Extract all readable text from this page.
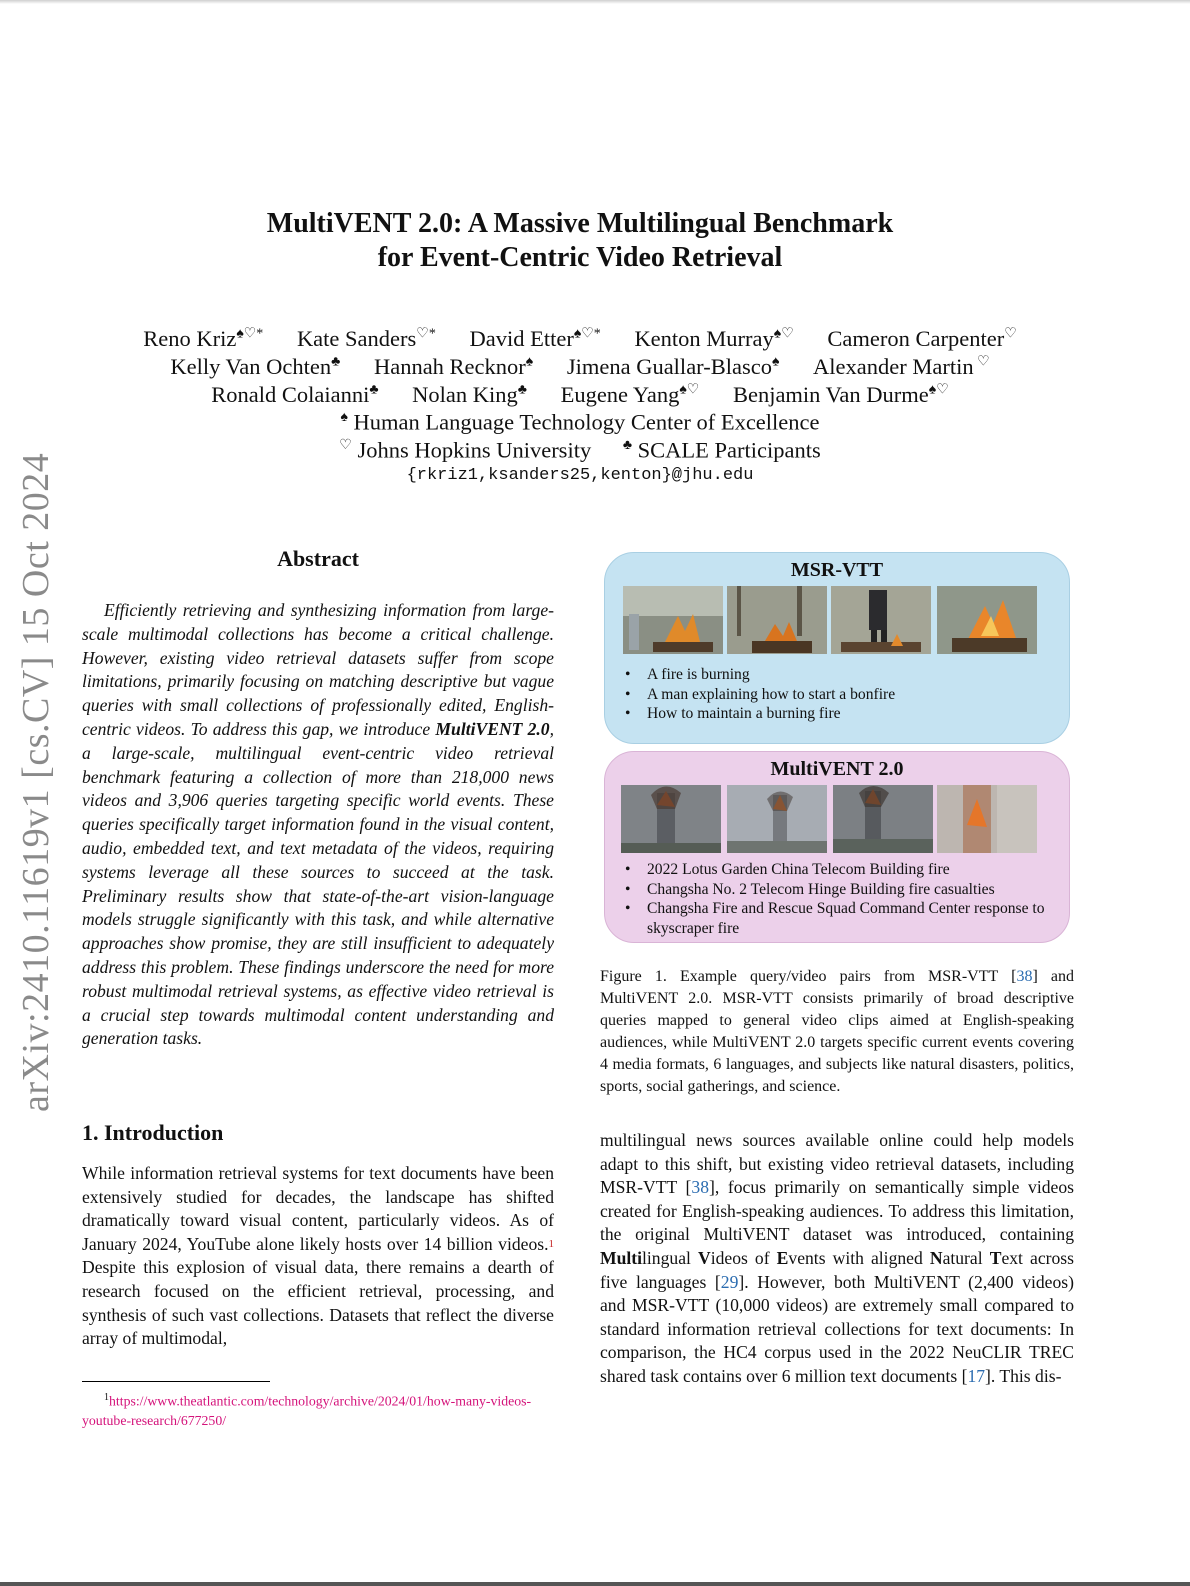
arXiv:2410.11619v1 [cs.CV] 15 Oct 2024
MultiVENT 2.0: A Massive Multilingual Benchmark
for Event-Centric Video Retrieval
Reno Kriz♠♡* Kate Sanders♡* David Etter♠♡* Kenton Murray♠♡ Cameron Carpenter♡
Kelly Van Ochten♣ Hannah Recknor♠ Jimena Guallar-Blasco♠ Alexander Martin ♡
Ronald Colaianni♣ Nolan King♣ Eugene Yang♠♡ Benjamin Van Durme♠♡
♠ Human Language Technology Center of Excellence
♡ Johns Hopkins University ♣ SCALE Participants
{rkriz1,ksanders25,kenton}@jhu.edu
Abstract
Efficiently retrieving and synthesizing information from large-scale multimodal collections has become a critical challenge. However, existing video retrieval datasets suffer from scope limitations, primarily focusing on matching descriptive but vague queries with small collections of professionally edited, English-centric videos. To address this gap, we introduce MultiVENT 2.0, a large-scale, multilingual event-centric video retrieval benchmark featuring a collection of more than 218,000 news videos and 3,906 queries targeting specific world events. These queries specifically target information found in the visual content, audio, embedded text, and text metadata of the videos, requiring systems leverage all these sources to succeed at the task. Preliminary results show that state-of-the-art vision-language models struggle significantly with this task, and while alternative approaches show promise, they are still insufficient to adequately address this problem. These findings underscore the need for more robust multimodal retrieval systems, as effective video retrieval is a crucial step towards multimodal content understanding and generation tasks.
1. Introduction
While information retrieval systems for text documents have been extensively studied for decades, the landscape has shifted dramatically toward visual content, particularly videos. As of January 2024, YouTube alone likely hosts over 14 billion videos.$^1$ Despite this explosion of visual data, there remains a dearth of research focused on the efficient retrieval, processing, and synthesis of such vast collections. Datasets that reflect the diverse array of multimodal,
multilingual news sources available online could help models adapt to this shift, but existing video retrieval datasets, including MSR-VTT [38], focus primarily on semantically simple videos created for English-speaking audiences. To address this limitation, the original MultiVENT dataset was introduced, containing Multilingual Videos of Events with aligned Natural Text across five languages [29]. However, both MultiVENT (2,400 videos) and MSR-VTT (10,000 videos) are extremely small compared to standard information retrieval collections for text documents: In comparison, the HC4 corpus used in the 2022 NeuCLIR TREC shared task contains over 6 million text documents [17]. This dis-
$^1$https://www.theatlantic.com/technology/archive/2024/01/how-many-videos-youtube-research/677250/
MSR-VTT
• A fire is burning
• A man explaining how to start a bonfire
• How to maintain a burning fire
MultiVENT 2.0
• 2022 Lotus Garden China Telecom Building fire
• Changsha No. 2 Telecom Hinge Building fire casualties
• Changsha Fire and Rescue Squad Command Center response to skyscraper fire
Figure 1. Example query/video pairs from MSR-VTT [38] and MultiVENT 2.0. MSR-VTT consists primarily of broad descriptive queries mapped to general video clips aimed at English-speaking audiences, while MultiVENT 2.0 targets specific current events covering 4 media formats, 6 languages, and subjects like natural disasters, politics, sports, social gatherings, and science.
